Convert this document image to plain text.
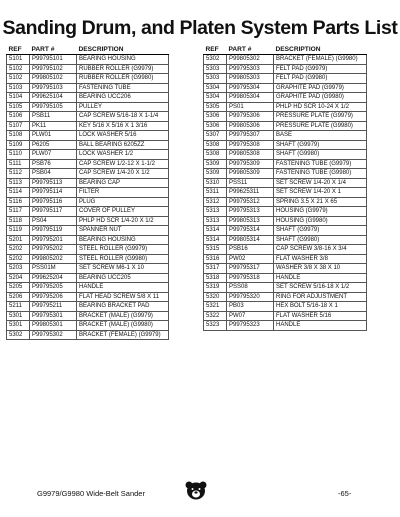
Sanding Drum, and Platen System Parts List
REF	PART #	DESCRIPTION
5101	P99795101	BEARING HOUSING
5102	P99795102	RUBBER ROLLER (G9979)
5102	P99805102	RUBBER ROLLER (G9980)
5103	P99795103	FASTENING TUBE
5104	P99625104	BEARING UCC206
5105	P99795105	PULLEY
5106	PSB11	CAP SCREW 5/16-18 X 1-1/4
5107	PK11	KEY 5/16 X 5/16 X 1 3/16
5108	PLW01	LOCK WASHER 5/16
5109	P6205	BALL BEARING 6205ZZ
5110	PLW07	LOCK WASHER 1/2
5111	PSB76	CAP SCREW 1/2-12 X 1-1/2
5112	PSB04	CAP SCREW 1/4-20 X 1/2
5113	P99795113	BEARING CAP
5114	P99795114	FILTER
5116	P99795116	PLUG
5117	P99795117	COVER OF PULLEY
5118	PS04	PHLP HD SCR 1/4-20 X 1/2
5119	P99795119	SPANNER NUT
5201	P99795201	BEARING HOUSING
5202	P99795202	STEEL ROLLER (G9979)
5202	P99805202	STEEL ROLLER (G9980)
5203	PSS01M	SET SCREW M6-1 X 10
5204	P99625204	BEARING UCC205
5205	P99795205	HANDLE
5206	P99795206	FLAT HEAD SCREW 5/8 X 11
5211	P99795211	BEARING BRACKET PAD
5301	P99795301	BRACKET (MALE) (G9979)
5301	P99805301	BRACKET (MALE) (G9980)
5302	P99795302	BRACKET (FEMALE) (G9979)
REF	PART #	DESCRIPTION
5302	P99805302	BRACKET (FEMALE) (G9980)
5303	P99795303	FELT PAD (G9979)
5303	P99805303	FELT PAD (G9980)
5304	P99795304	GRAPHITE PAD (G9979)
5304	P99805304	GRAPHITE PAD (G9980)
5305	PS01	PHLP HD SCR 10-24 X 1/2
5306	P99795306	PRESSURE PLATE (G9979)
5306	P99805306	PRESSURE PLATE (G9980)
5307	P99795307	BASE
5308	P99795308	SHAFT (G9979)
5308	P99805308	SHAFT (G9980)
5309	P99795309	FASTENING TUBE (G9979)
5309	P99805309	FASTENING TUBE (G9980)
5310	PSS11	SET SCREW 1/4-20 X 1/4
5311	P99625311	SET SCREW 1/4-20 X 1
5312	P99795312	SPRING 3.5 X 21 X 65
5313	P99795313	HOUSING (G9979)
5313	P99805313	HOUSING (G9980)
5314	P99795314	SHAFT (G9979)
5314	P99805314	SHAFT (G9980)
5315	PSB16	CAP SCREW 3/8-16 X 3/4
5316	PW02	FLAT WASHER 3/8
5317	P99795317	WASHER 3/8 X 38 X 10
5318	P99795318	HANDLE
5319	PSS08	SET SCREW 5/16-18 X 1/2
5320	P99795320	RING FOR ADJUSTMENT
5321	PB03	HEX BOLT 5/16-18 X 1
5322	PW07	FLAT WASHER 5/16
5323	P99795323	HANDLE
G9979/G9980 Wide-Belt Sander	-65-
